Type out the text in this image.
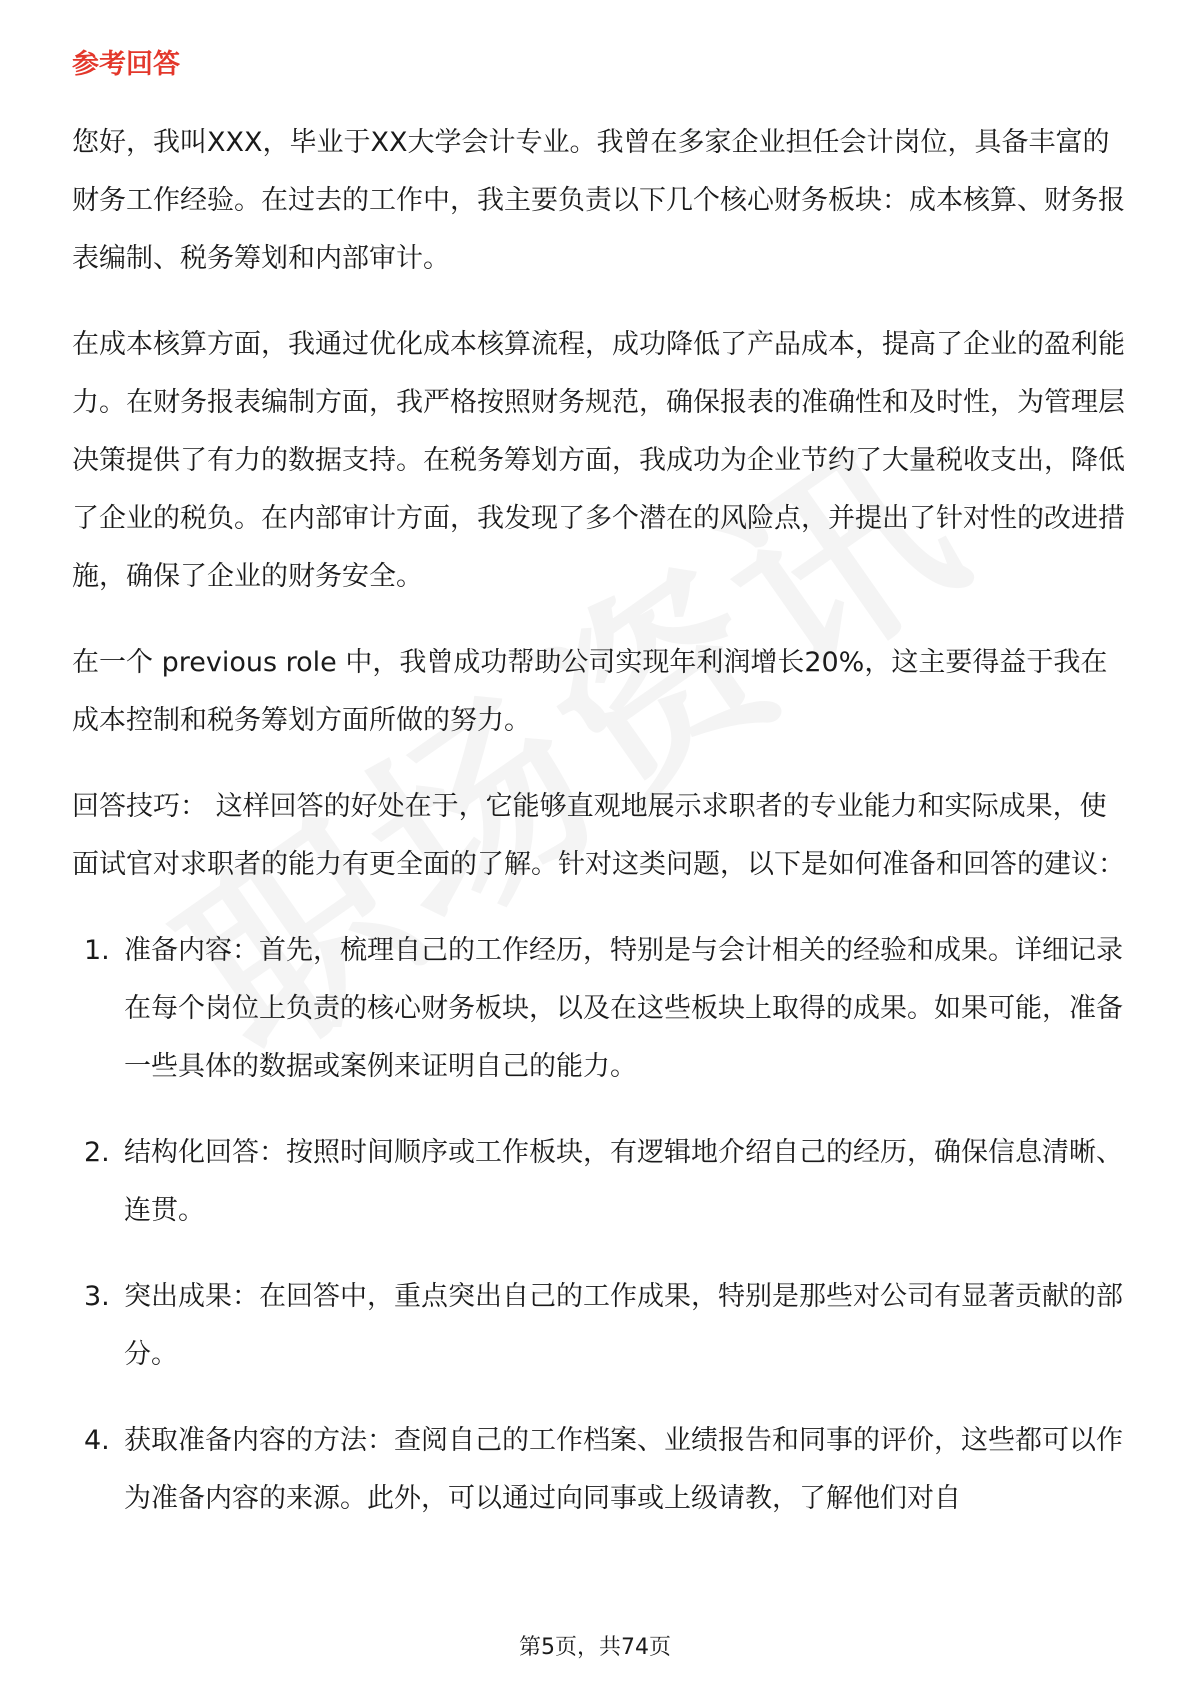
参考回答

您好，我叫XXX，毕业于XX大学会计专业。我曾在多家企业担任会计岗位，具备丰富的财务工作经验。在过去的工作中，我主要负责以下几个核心财务板块：成本核算、财务报表编制、税务筹划和内部审计。

在成本核算方面，我通过优化成本核算流程，成功降低了产品成本，提高了企业的盈利能力。在财务报表编制方面，我严格按照财务规范，确保报表的准确性和及时性，为管理层决策提供了有力的数据支持。在税务筹划方面，我成功为企业节约了大量税收支出，降低了企业的税负。在内部审计方面，我发现了多个潜在的风险点，并提出了针对性的改进措施，确保了企业的财务安全。

在一个 previous role 中，我曾成功帮助公司实现年利润增长20%，这主要得益于我在成本控制和税务筹划方面所做的努力。

回答技巧： 这样回答的好处在于，它能够直观地展示求职者的专业能力和实际成果，使面试官对求职者的能力有更全面的了解。针对这类问题，以下是如何准备和回答的建议：

1. 准备内容：首先，梳理自己的工作经历，特别是与会计相关的经验和成果。详细记录在每个岗位上负责的核心财务板块，以及在这些板块上取得的成果。如果可能，准备一些具体的数据或案例来证明自己的能力。
2. 结构化回答：按照时间顺序或工作板块，有逻辑地介绍自己的经历，确保信息清晰、连贯。
3. 突出成果：在回答中，重点突出自己的工作成果，特别是那些对公司有显著贡献的部分。
4. 获取准备内容的方法：查阅自己的工作档案、业绩报告和同事的评价，这些都可以作为准备内容的来源。此外，可以通过向同事或上级请教，了解他们对自
第5页，共74页
